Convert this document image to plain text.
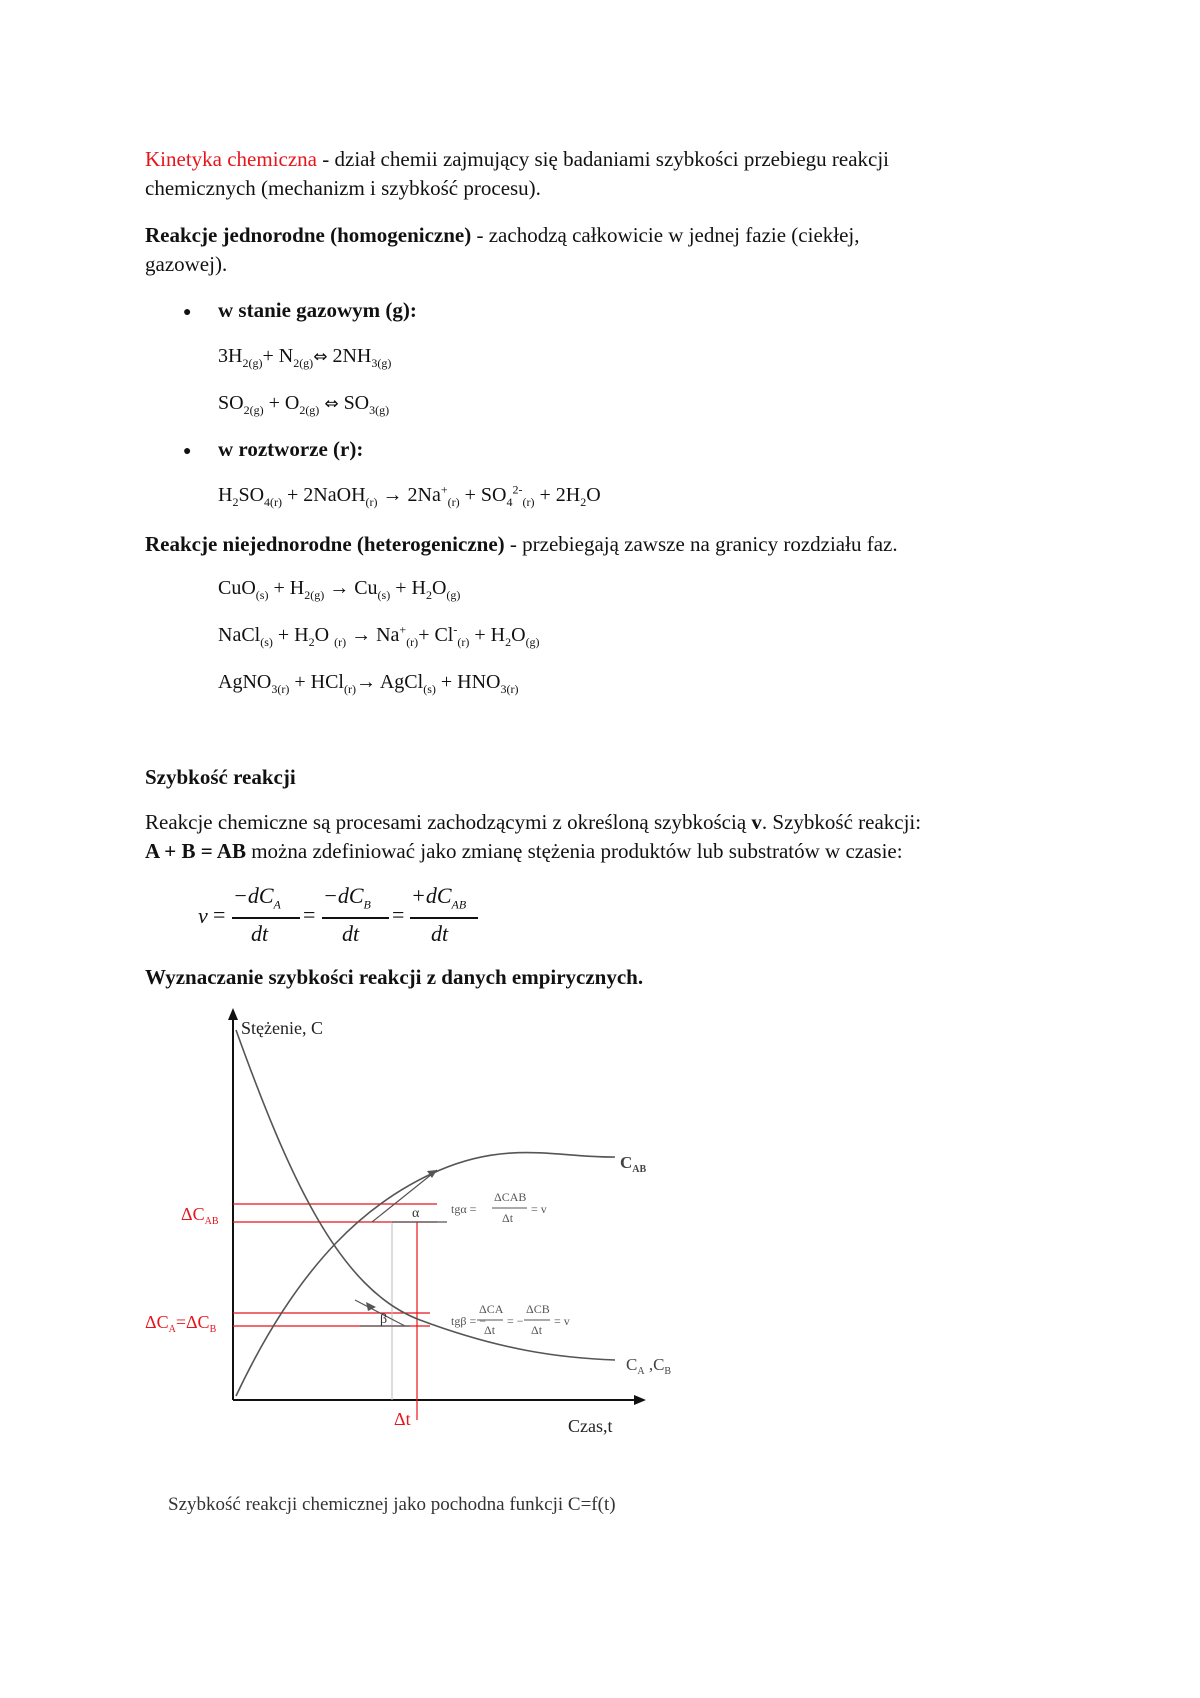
Kinetyka chemiczna - dział chemii zajmujący się badaniami szybkości przebiegu reakcji
chemicznych (mechanizm i szybkość procesu).

Reakcje jednorodne (homogeniczne) - zachodzą całkowicie w jednej fazie (ciekłej,
gazowej).

● w stanie gazowym (g):
$3H_{2(g)}+$ $N_{2(g)}\Leftrightarrow$ $2NH_{3(g)}$
$SO_{2(g)} + O_{2(g)}$ ⇔ $SO_{3(g)}$
● w roztworze (r):
$H_2SO_{4(r)}$ + 2NaOH$_{(r)}$ → $2Na^+_{(r)} + SO_4^{2-}_{(r)} + 2H_2O$

Reakcje niejednorodne (heterogeniczne) - przebiegają zawsze na granicy rozdziału faz.

$CuO_{(s)} + H_{2(g)} \to Cu_{(s)} + H_2O_{(g)}$
NaCl$_{(s)}$ + $H_2O$ $_{(r)} \to Na^+_{(r)}+ Cl^-_{(r)} + H_2O_{(g)}$
AgNO$_{3(r)}$ + HCl$_{(r)}$→ AgCl$_{(s)}$ + $HNO_{3(r)}$
Szybkość reakcji

Reakcje chemiczne są procesami zachodzącymi z określoną szybkością v. Szybkość reakcji:
A + B = AB można zdefiniować jako zmianę stężenia produktów lub substratów w czasie:

v =
$-dC_A$
dt
=
$-dC_B$
dt
=
$+dC_{AB}$
dt
Wyznaczanie szybkości reakcji z danych empirycznych.
Stężenie, C
Czas,t
$C_{AB}$
$C_A$ $,C_B$
$\Delta C_{AB}$
$\Delta C_A=\Delta C_B$
Δt
α
β
tgα =
ΔCAB
Δt
= v
tgβ = −
ΔCA
Δt
= −
ΔCB
Δt
= v
Szybkość reakcji chemicznej jako pochodna funkcji C=f(t)
